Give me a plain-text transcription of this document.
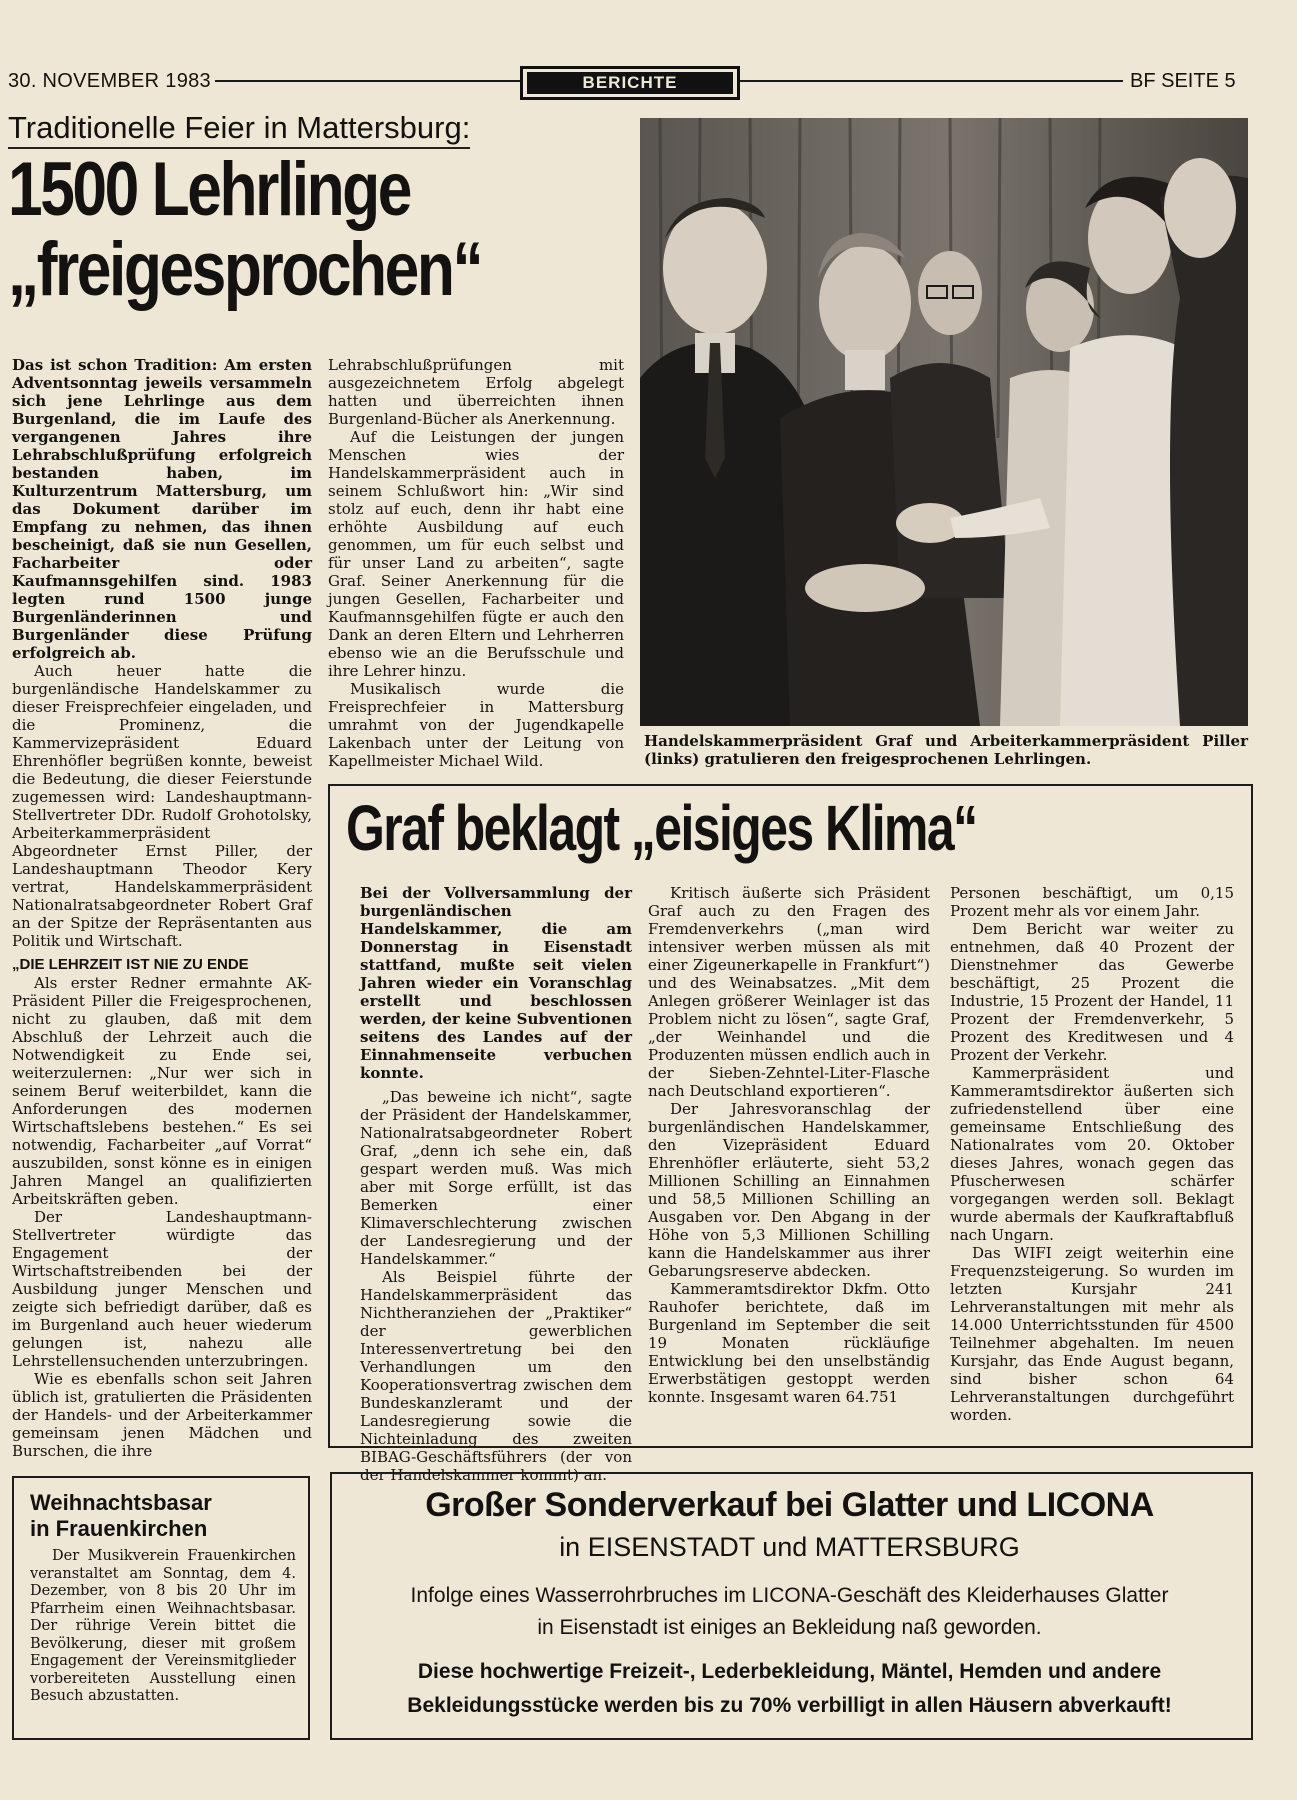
30. NOVEMBER 1983	BERICHTE	BF SEITE 5
Traditionelle Feier in Mattersburg:
1500 Lehrlinge
„freigesprochen“

Das ist schon Tradition: Am ersten Adventsonntag jeweils versammeln sich jene Lehrlinge aus dem Burgenland, die im Laufe des vergangenen Jahres ihre Lehrabschlußprüfung erfolgreich bestanden haben, im Kulturzentrum Mattersburg, um das Dokument darüber im Empfang zu nehmen, das ihnen bescheinigt, daß sie nun Gesellen, Facharbeiter oder Kaufmannsgehilfen sind. 1983 legten rund 1500 junge Burgenländerinnen und Burgenländer diese Prüfung erfolgreich ab.

Auch heuer hatte die burgenländische Handelskammer zu dieser Freisprechfeier eingeladen, und die Prominenz, die Kammervizepräsident Eduard Ehrenhöfler begrüßen konnte, beweist die Bedeutung, die dieser Feierstunde zugemessen wird: Landeshauptmann-Stellvertreter DDr. Rudolf Grohotolsky, Arbeiterkammerpräsident Abgeordneter Ernst Piller, der Landeshauptmann Theodor Kery vertrat, Handelskammerpräsident Nationalratsabgeordneter Robert Graf an der Spitze der Repräsentanten aus Politik und Wirtschaft.

„DIE LEHRZEIT IST NIE ZU ENDE

Als erster Redner ermahnte AK-Präsident Piller die Freigesprochenen, nicht zu glauben, daß mit dem Abschluß der Lehrzeit auch die Notwendigkeit zu Ende sei, weiterzulernen: „Nur wer sich in seinem Beruf weiterbildet, kann die Anforderungen des modernen Wirtschaftslebens bestehen.“ Es sei notwendig, Facharbeiter „auf Vorrat“ auszubilden, sonst könne es in einigen Jahren Mangel an qualifizierten Arbeitskräften geben.

Der Landeshauptmann-Stellvertreter würdigte das Engagement der Wirtschaftstreibenden bei der Ausbildung junger Menschen und zeigte sich befriedigt darüber, daß es im Burgenland auch heuer wiederum gelungen ist, nahezu alle Lehrstellensuchenden unterzubringen.

Wie es ebenfalls schon seit Jahren üblich ist, gratulierten die Präsidenten der Handels- und der Arbeiterkammer gemeinsam jenen Mädchen und Burschen, die ihre

Lehrabschlußprüfungen mit ausgezeichnetem Erfolg abgelegt hatten und überreichten ihnen Burgenland-Bücher als Anerkennung.

Auf die Leistungen der jungen Menschen wies der Handelskammerpräsident auch in seinem Schlußwort hin: „Wir sind stolz auf euch, denn ihr habt eine erhöhte Ausbildung auf euch genommen, um für euch selbst und für unser Land zu arbeiten“, sagte Graf. Seiner Anerkennung für die jungen Gesellen, Facharbeiter und Kaufmannsgehilfen fügte er auch den Dank an deren Eltern und Lehrherren ebenso wie an die Berufsschule und ihre Lehrer hinzu.

Musikalisch wurde die Freisprechfeier in Mattersburg umrahmt von der Jugendkapelle Lakenbach unter der Leitung von Kapellmeister Michael Wild.

Handelskammerpräsident Graf und Arbeiterkammerpräsident Piller (links) gratulieren den freigesprochenen Lehrlingen.
Graf beklagt „eisiges Klima“

Bei der Vollversammlung der burgenländischen Handelskammer, die am Donnerstag in Eisenstadt stattfand, mußte seit vielen Jahren wieder ein Voranschlag erstellt und beschlossen werden, der keine Subventionen seitens des Landes auf der Einnahmenseite verbuchen konnte.

„Das beweine ich nicht“, sagte der Präsident der Handelskammer, Nationalratsabgeordneter Robert Graf, „denn ich sehe ein, daß gespart werden muß. Was mich aber mit Sorge erfüllt, ist das Bemerken einer Klimaverschlechterung zwischen der Landesregierung und der Handelskammer.“

Als Beispiel führte der Handelskammerpräsident das Nichtheranziehen der „Praktiker“ der gewerblichen Interessenvertretung bei den Verhandlungen um den Kooperationsvertrag zwischen dem Bundeskanzleramt und der Landesregierung sowie die Nichteinladung des zweiten BIBAG-Geschäftsführers (der von der Handelskammer kommt) an.

Kritisch äußerte sich Präsident Graf auch zu den Fragen des Fremdenverkehrs („man wird intensiver werben müssen als mit einer Zigeunerkapelle in Frankfurt“) und des Weinabsatzes. „Mit dem Anlegen größerer Weinlager ist das Problem nicht zu lösen“, sagte Graf, „der Weinhandel und die Produzenten müssen endlich auch in der Sieben-Zehntel-Liter-Flasche nach Deutschland exportieren“.

Der Jahresvoranschlag der burgenländischen Handelskammer, den Vizepräsident Eduard Ehrenhöfler erläuterte, sieht 53,2 Millionen Schilling an Einnahmen und 58,5 Millionen Schilling an Ausgaben vor. Den Abgang in der Höhe von 5,3 Millionen Schilling kann die Handelskammer aus ihrer Gebarungsreserve abdecken.

Kammeramtsdirektor Dkfm. Otto Rauhofer berichtete, daß im Burgenland im September die seit 19 Monaten rückläufige Entwicklung bei den unselbständig Erwerbstätigen gestoppt werden konnte. Insgesamt waren 64.751

Personen beschäftigt, um 0,15 Prozent mehr als vor einem Jahr.

Dem Bericht war weiter zu entnehmen, daß 40 Prozent der Dienstnehmer das Gewerbe beschäftigt, 25 Prozent die Industrie, 15 Prozent der Handel, 11 Prozent der Fremdenverkehr, 5 Prozent des Kreditwesen und 4 Prozent der Verkehr.

Kammerpräsident und Kammeramtsdirektor äußerten sich zufriedenstellend über eine gemeinsame Entschließung des Nationalrates vom 20. Oktober dieses Jahres, wonach gegen das Pfuscherwesen schärfer vorgegangen werden soll. Beklagt wurde abermals der Kaufkraftabfluß nach Ungarn.

Das WIFI zeigt weiterhin eine Frequenzsteigerung. So wurden im letzten Kursjahr 241 Lehrveranstaltungen mit mehr als 14.000 Unterrichtsstunden für 4500 Teilnehmer abgehalten. Im neuen Kursjahr, das Ende August begann, sind bisher schon 64 Lehrveranstaltungen durchgeführt worden.

Weihnachtsbasar
in Frauenkirchen

Der Musikverein Frauenkirchen veranstaltet am Sonntag, dem 4. Dezember, von 8 bis 20 Uhr im Pfarrheim einen Weihnachtsbasar. Der rührige Verein bittet die Bevölkerung, dieser mit großem Engagement der Vereinsmitglieder vorbereiteten Ausstellung einen Besuch abzustatten.

Großer Sonderverkauf bei Glatter und LICONA
in EISENSTADT und MATTERSBURG
Infolge eines Wasserrohrbruches im LICONA-Geschäft des Kleiderhauses Glatter
in Eisenstadt ist einiges an Bekleidung naß geworden.
Diese hochwertige Freizeit-, Lederbekleidung, Mäntel, Hemden und andere
Bekleidungsstücke werden bis zu 70% verbilligt in allen Häusern abverkauft!
